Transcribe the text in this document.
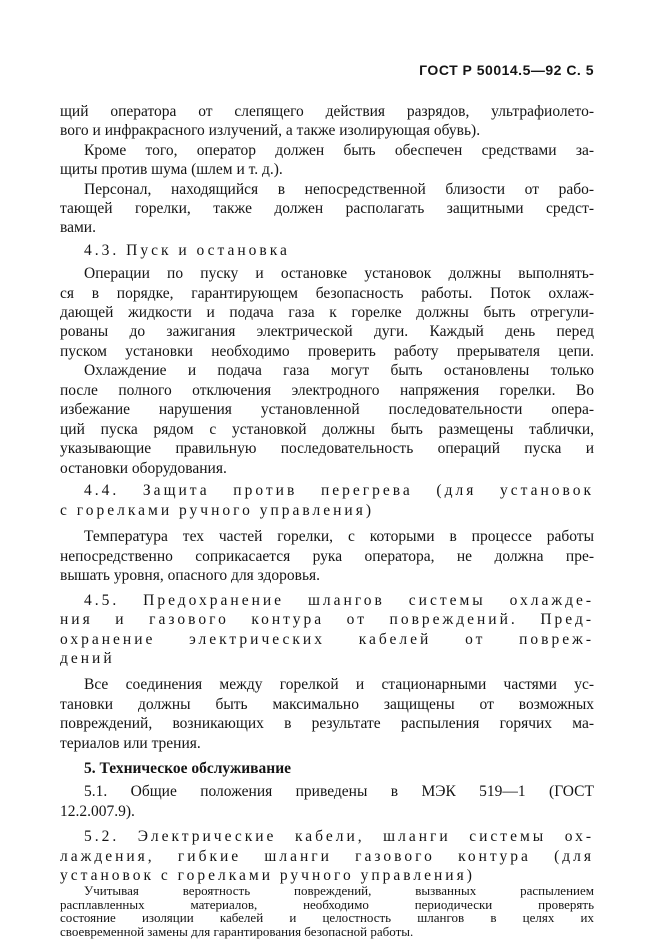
ГОСТ Р 50014.5—92 С. 5
щий оператора от слепящего действия разрядов, ультрафиолето-
вого и инфракрасного излучений, а также изолирующая обувь).
Кроме того, оператор должен быть обеспечен средствами за-
щиты против шума (шлем и т. д.).
Персонал, находящийся в непосредственной близости от рабо-
тающей горелки, также должен располагать защитными средст-
вами.
4.3. Пуск и остановка
Операции по пуску и остановке установок должны выполнять-
ся в порядке, гарантирующем безопасность работы. Поток охлаж-
дающей жидкости и подача газа к горелке должны быть отрегули-
рованы до зажигания электрической дуги. Каждый день перед
пуском установки необходимо проверить работу прерывателя цепи.
Охлаждение и подача газа могут быть остановлены только
после полного отключения электродного напряжения горелки. Во
избежание нарушения установленной последовательности опера-
ций пуска рядом с установкой должны быть размещены таблички,
указывающие правильную последовательность операций пуска и
остановки оборудования.
4.4. Защита против перегрева (для установок
с горелками ручного управления)
Температура тех частей горелки, с которыми в процессе работы
непосредственно соприкасается рука оператора, не должна пре-
вышать уровня, опасного для здоровья.
4.5. Предохранение шлангов системы охлажде-
ния и газового контура от повреждений. Пред-
охранение электрических кабелей от повреж-
дений
Все соединения между горелкой и стационарными частями ус-
тановки должны быть максимально защищены от возможных
повреждений, возникающих в результате распыления горячих ма-
териалов или трения.
5. Техническое обслуживание
5.1. Общие положения приведены в МЭК 519—1 (ГОСТ
12.2.007.9).
5.2. Электрические кабели, шланги системы ох-
лаждения, гибкие шланги газового контура (для
установок с горелками ручного управления)
Учитывая вероятность повреждений, вызванных распылением
расплавленных материалов, необходимо периодически проверять
состояние изоляции кабелей и целостность шлангов в целях их
своевременной замены для гарантирования безопасной работы.
